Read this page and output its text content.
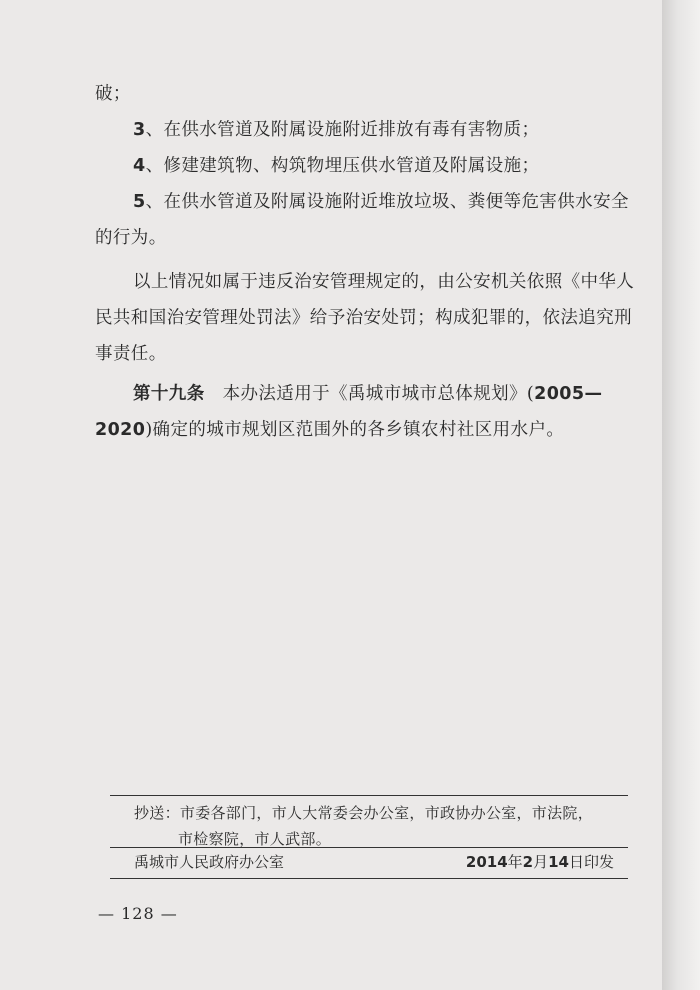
破；

3、在供水管道及附属设施附近排放有毒有害物质；

4、修建建筑物、构筑物埋压供水管道及附属设施；

5、在供水管道及附属设施附近堆放垃圾、粪便等危害供水安全的行为。

以上情况如属于违反治安管理规定的，由公安机关依照《中华人民共和国治安管理处罚法》给予治安处罚；构成犯罪的，依法追究刑事责任。

第十九条 本办法适用于《禹城市城市总体规划》(2005—2020)确定的城市规划区范围外的各乡镇农村社区用水户。

抄送：市委各部门，市人大常委会办公室，市政协办公室，市法院，
市检察院，市人武部。
禹城市人民政府办公室	2014年2月14日印发
— 128 —
